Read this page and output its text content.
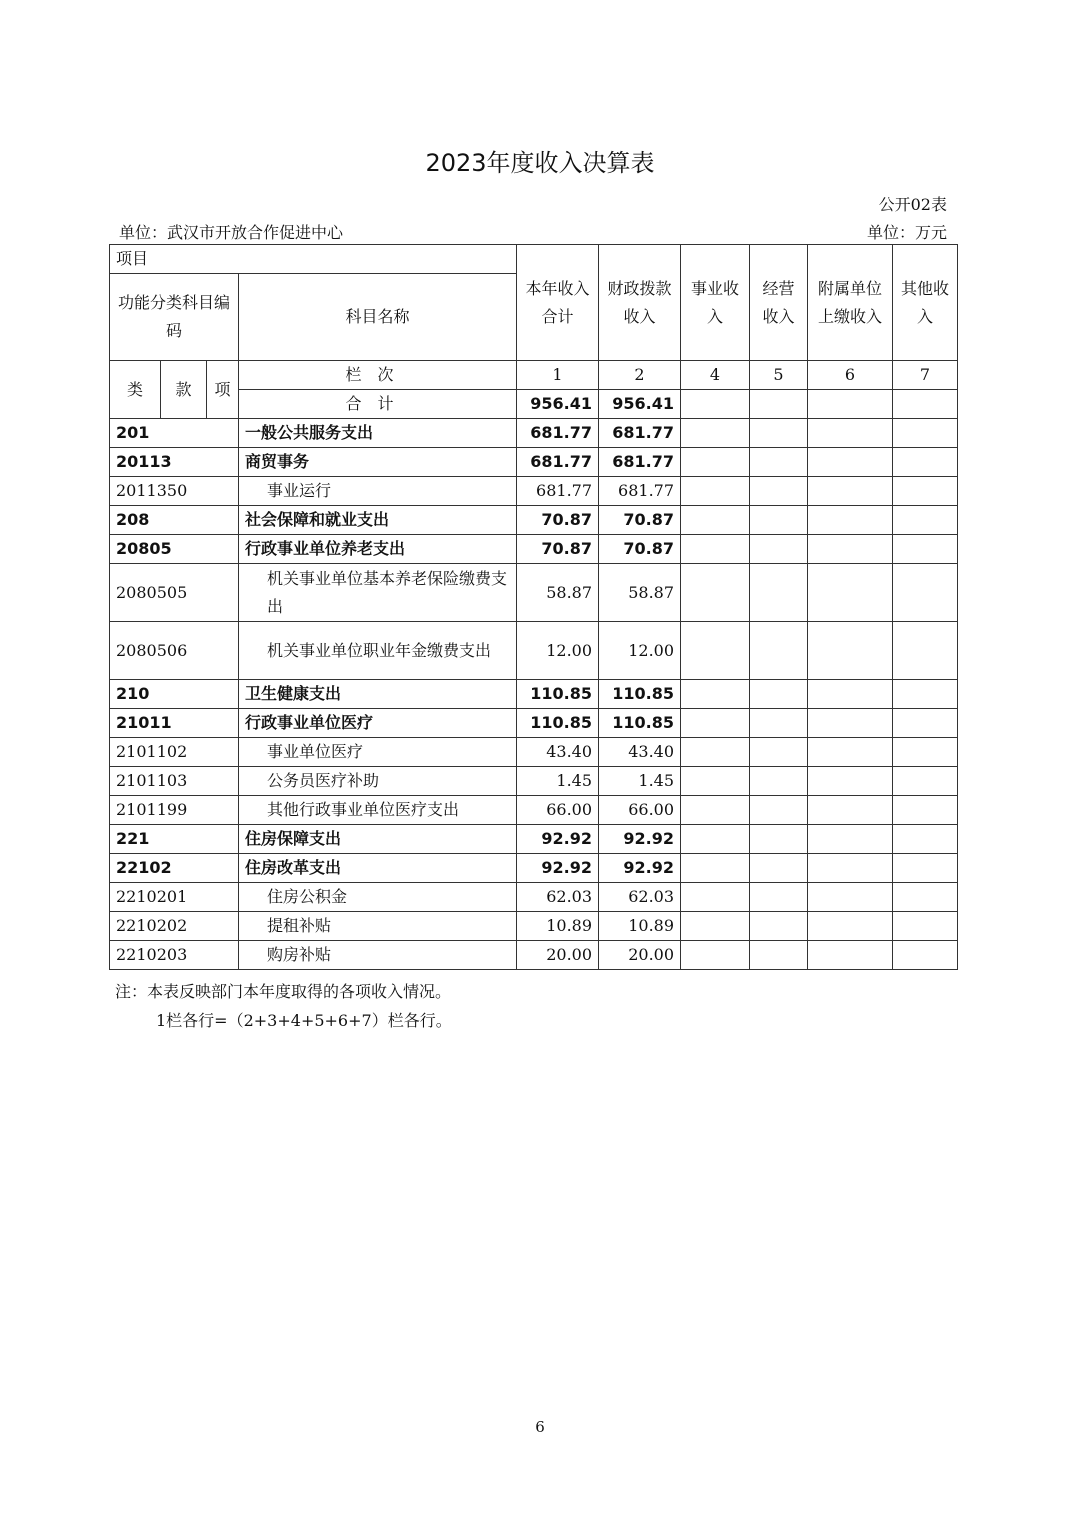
2023年度收入决算表
公开02表
单位：武汉市开放合作促进中心	单位：万元
项目				本年收入合计	财政拨款收入	事业收入	经营收入	附属单位上缴收入	其他收入
功能分类科目编码			科目名称						
类	款	项	栏次	1	2	4	5	6	7
			合计	956.41	956.41				
201			一般公共服务支出	681.77	681.77				
20113			商贸事务	681.77	681.77				
2011350			事业运行	681.77	681.77				
208			社会保障和就业支出	70.87	70.87				
20805			行政事业单位养老支出	70.87	70.87				
2080505			机关事业单位基本养老保险缴费支出	58.87	58.87				
2080506			机关事业单位职业年金缴费支出	12.00	12.00				
210			卫生健康支出	110.85	110.85				
21011			行政事业单位医疗	110.85	110.85				
2101102			事业单位医疗	43.40	43.40				
2101103			公务员医疗补助	1.45	1.45				
2101199			其他行政事业单位医疗支出	66.00	66.00				
221			住房保障支出	92.92	92.92				
22102			住房改革支出	92.92	92.92				
2210201			住房公积金	62.03	62.03				
2210202			提租补贴	10.89	10.89				
2210203			购房补贴	20.00	20.00				
注：本表反映部门本年度取得的各项收入情况。
1栏各行=（2+3+4+5+6+7）栏各行。
6
